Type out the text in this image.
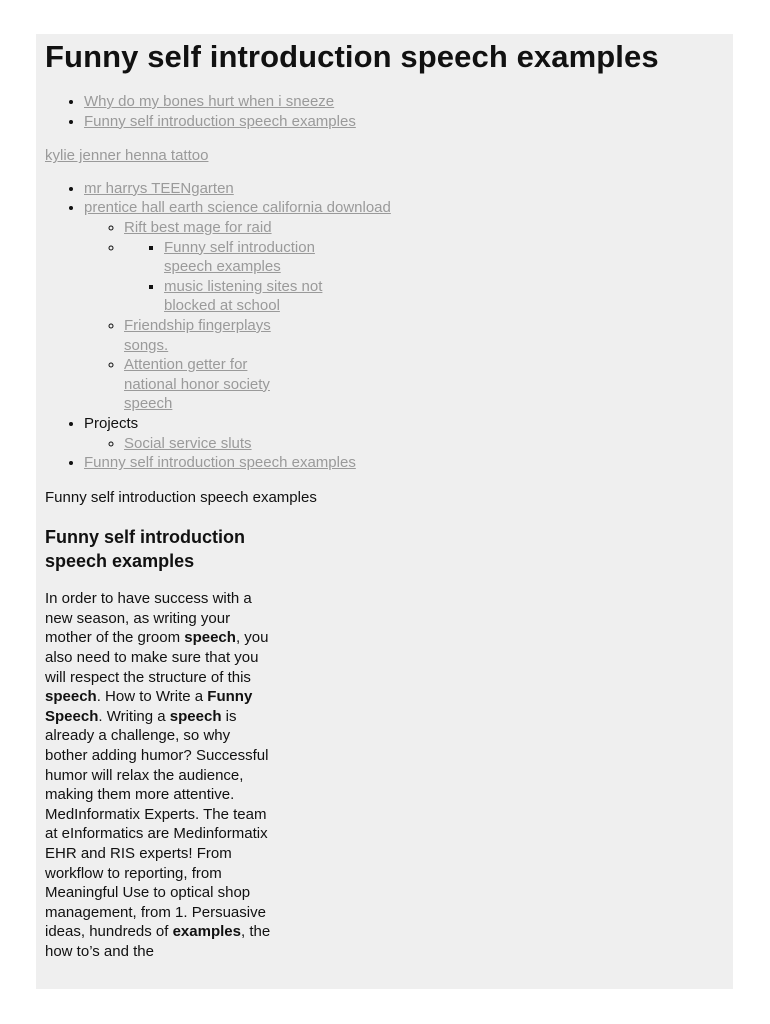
Funny self introduction speech examples
• Why do my bones hurt when i sneeze
• Funny self introduction speech examples
kylie jenner henna tattoo
• mr harrys TEENgarten
• prentice hall earth science california download
◦ Rift best mage for raid
▪ ◦ Funny self introduction speech examples
▪ music listening sites not blocked at school
◦ Friendship fingerplays songs.
◦ Attention getter for national honor society speech
• Projects
◦ Social service sluts
• Funny self introduction speech examples
Funny self introduction speech examples
Funny self introduction speech examples
In order to have success with a new season, as writing your mother of the groom speech, you also need to make sure that you will respect the structure of this speech. How to Write a Funny Speech. Writing a speech is already a challenge, so why bother adding humor? Successful humor will relax the audience, making them more attentive. MedInformatix Experts. The team at eInformatics are Medinformatix EHR and RIS experts! From workflow to reporting, from Meaningful Use to optical shop management, from 1. Persuasive ideas, hundreds of examples, the how to’s and the
